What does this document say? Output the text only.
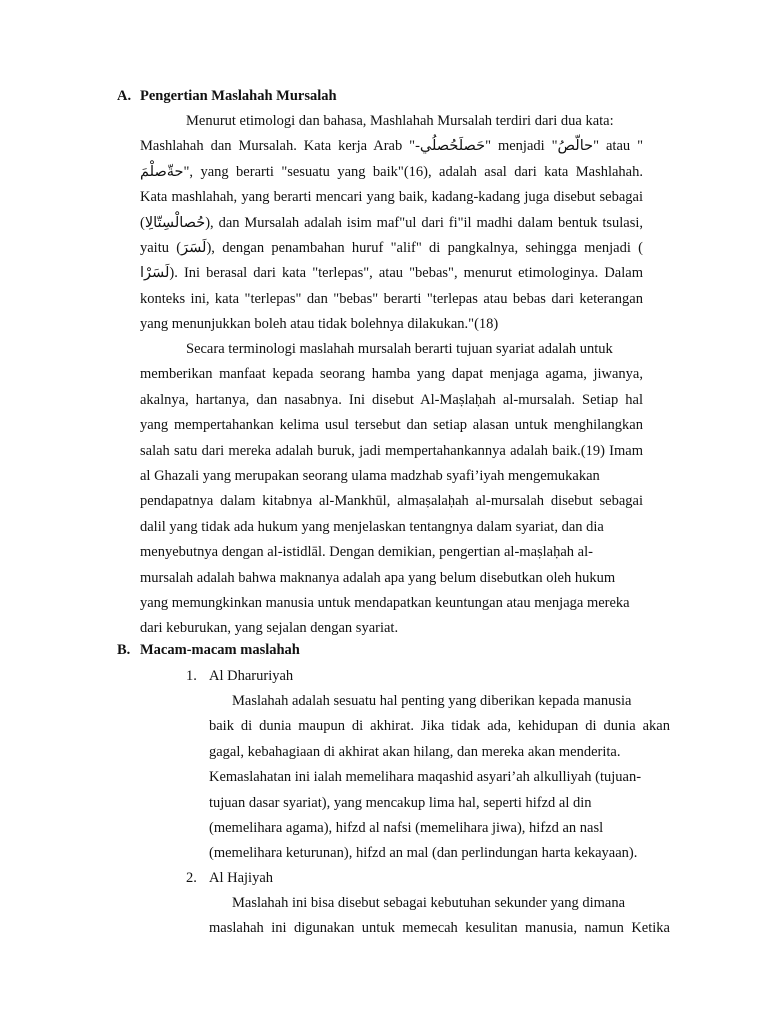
A. Pengertian Maslahah Mursalah
Menurut etimologi dan bahasa, Mashlahah Mursalah terdiri dari dua kata:
Mashlahah dan Mursalah. Kata kerja Arab "-حَصلَحُصلُي" menjadi "حالّصُ" atau "
حةّصلْمَ", yang berarti "sesuatu yang baik"(16), adalah asal dari kata Mashlahah.
Kata mashlahah, yang berarti mencari yang baik, kadang-kadang juga disebut sebagai
(حُصالْسِتّالِا), dan Mursalah adalah isim maf"ul dari fi"il madhi dalam bentuk tsulasi,
yaitu (لَسَرَ), dengan penambahan huruf "alif" di pangkalnya, sehingga menjadi (
لَسَرْا). Ini berasal dari kata "terlepas", atau "bebas", menurut etimologinya. Dalam
konteks ini, kata "terlepas" dan "bebas" berarti "terlepas atau bebas dari keterangan
yang menunjukkan boleh atau tidak bolehnya dilakukan."(18)
Secara terminologi maslahah mursalah berarti tujuan syariat adalah untuk
memberikan manfaat kepada seorang hamba yang dapat menjaga agama, jiwanya,
akalnya, hartanya, dan nasabnya. Ini disebut Al-Maṣlaḥah al-mursalah. Setiap hal
yang mempertahankan kelima usul tersebut dan setiap alasan untuk menghilangkan
salah satu dari mereka adalah buruk, jadi mempertahankannya adalah baik.(19) Imam
al Ghazali yang merupakan seorang ulama madzhab syafi’iyah mengemukakan
pendapatnya dalam kitabnya al-Mankhūl, almaṣalaḥah al-mursalah disebut sebagai
dalil yang tidak ada hukum yang menjelaskan tentangnya dalam syariat, dan dia
menyebutnya dengan al-istidlāl. Dengan demikian, pengertian al-maṣlaḥah al-
mursalah adalah bahwa maknanya adalah apa yang belum disebutkan oleh hukum
yang memungkinkan manusia untuk mendapatkan keuntungan atau menjaga mereka
dari keburukan, yang sejalan dengan syariat.
B. Macam-macam maslahah
1. Al Dharuriyah
Maslahah adalah sesuatu hal penting yang diberikan kepada manusia
baik di dunia maupun di akhirat. Jika tidak ada, kehidupan di dunia akan
gagal, kebahagiaan di akhirat akan hilang, dan mereka akan menderita.
Kemaslahatan ini ialah memelihara maqashid asyari’ah alkulliyah (tujuan-
tujuan dasar syariat), yang mencakup lima hal, seperti hifzd al din
(memelihara agama), hifzd al nafsi (memelihara jiwa), hifzd an nasl
(memelihara keturunan), hifzd an mal (dan perlindungan harta kekayaan).
2. Al Hajiyah
Maslahah ini bisa disebut sebagai kebutuhan sekunder yang dimana
maslahah ini digunakan untuk memecah kesulitan manusia, namun Ketika
